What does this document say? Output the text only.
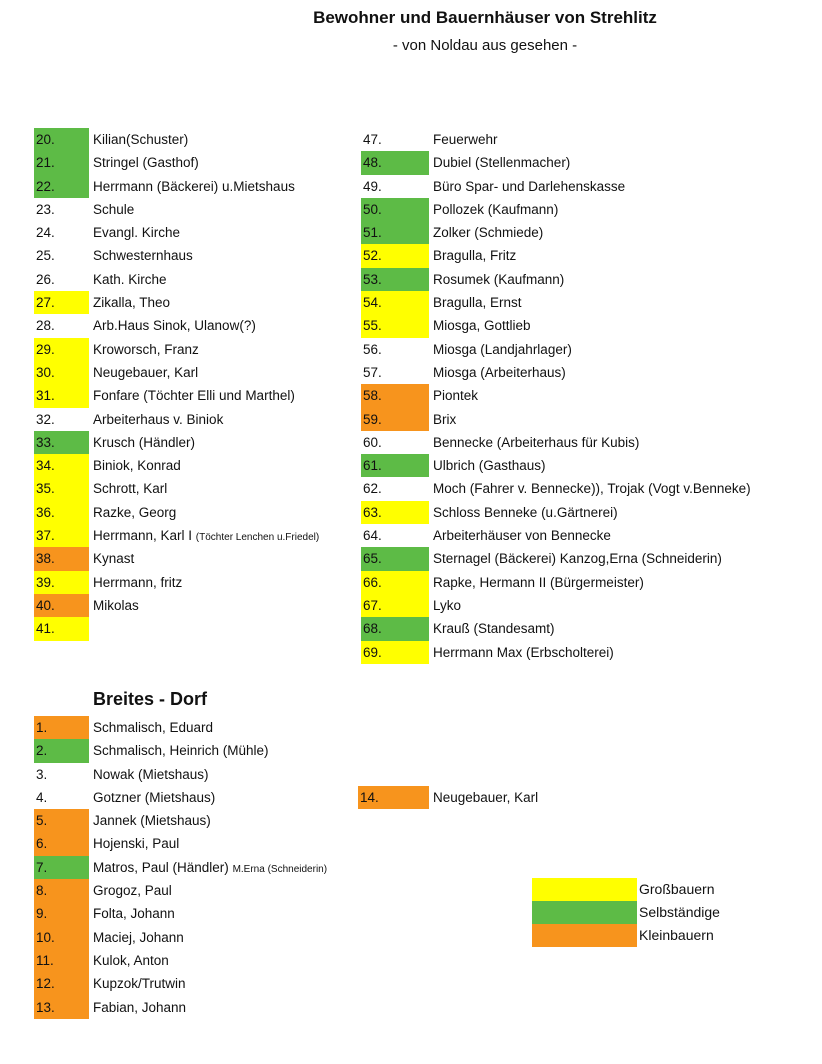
Bewohner und Bauernhäuser von Strehlitz
- von Noldau aus gesehen -
20.	Kilian(Schuster)
21.	Stringel (Gasthof)
22.	Herrmann (Bäckerei) u.Mietshaus
23.	Schule
24.	Evangl. Kirche
25.	Schwesternhaus
26.	Kath. Kirche
27.	Zikalla, Theo
28.	Arb.Haus Sinok, Ulanow(?)
29.	Kroworsch, Franz
30.	Neugebauer, Karl
31.	Fonfare (Töchter Elli und Marthel)
32.	Arbeiterhaus v. Biniok
33.	Krusch (Händler)
34.	Biniok, Konrad
35.	Schrott, Karl
36.	Razke, Georg
37.	Herrmann, Karl I (Töchter Lenchen u.Friedel)
38.	Kynast
39.	Herrmann, fritz
40.	Mikolas
41.
47.	Feuerwehr
48.	Dubiel (Stellenmacher)
49.	Büro Spar- und Darlehenskasse
50.	Pollozek (Kaufmann)
51.	Zolker (Schmiede)
52.	Bragulla, Fritz
53.	Rosumek (Kaufmann)
54.	Bragulla, Ernst
55.	Miosga, Gottlieb
56.	Miosga (Landjahrlager)
57.	Miosga (Arbeiterhaus)
58.	Piontek
59.	Brix
60.	Bennecke (Arbeiterhaus für Kubis)
61.	Ulbrich (Gasthaus)
62.	Moch (Fahrer v. Bennecke)), Trojak (Vogt v.Benneke)
63.	Schloss Benneke (u.Gärtnerei)
64.	Arbeiterhäuser von Bennecke
65.	Sternagel (Bäckerei) Kanzog,Erna (Schneiderin)
66.	Rapke, Hermann II (Bürgermeister)
67.	Lyko
68.	Krauß (Standesamt)
69.	Herrmann Max (Erbscholterei)
Breites - Dorf
1.	Schmalisch, Eduard
2.	Schmalisch, Heinrich (Mühle)
3.	Nowak (Mietshaus)
4.	Gotzner (Mietshaus)
5.	Jannek (Mietshaus)
6.	Hojenski, Paul
7.	Matros, Paul (Händler) M.Erna (Schneiderin)
8.	Grogoz, Paul
9.	Folta, Johann
10.	Maciej, Johann
11.	Kulok, Anton
12.	Kupzok/Trutwin
13.	Fabian, Johann
14.	Neugebauer, Karl
Großbauern
Selbständige
Kleinbauern
